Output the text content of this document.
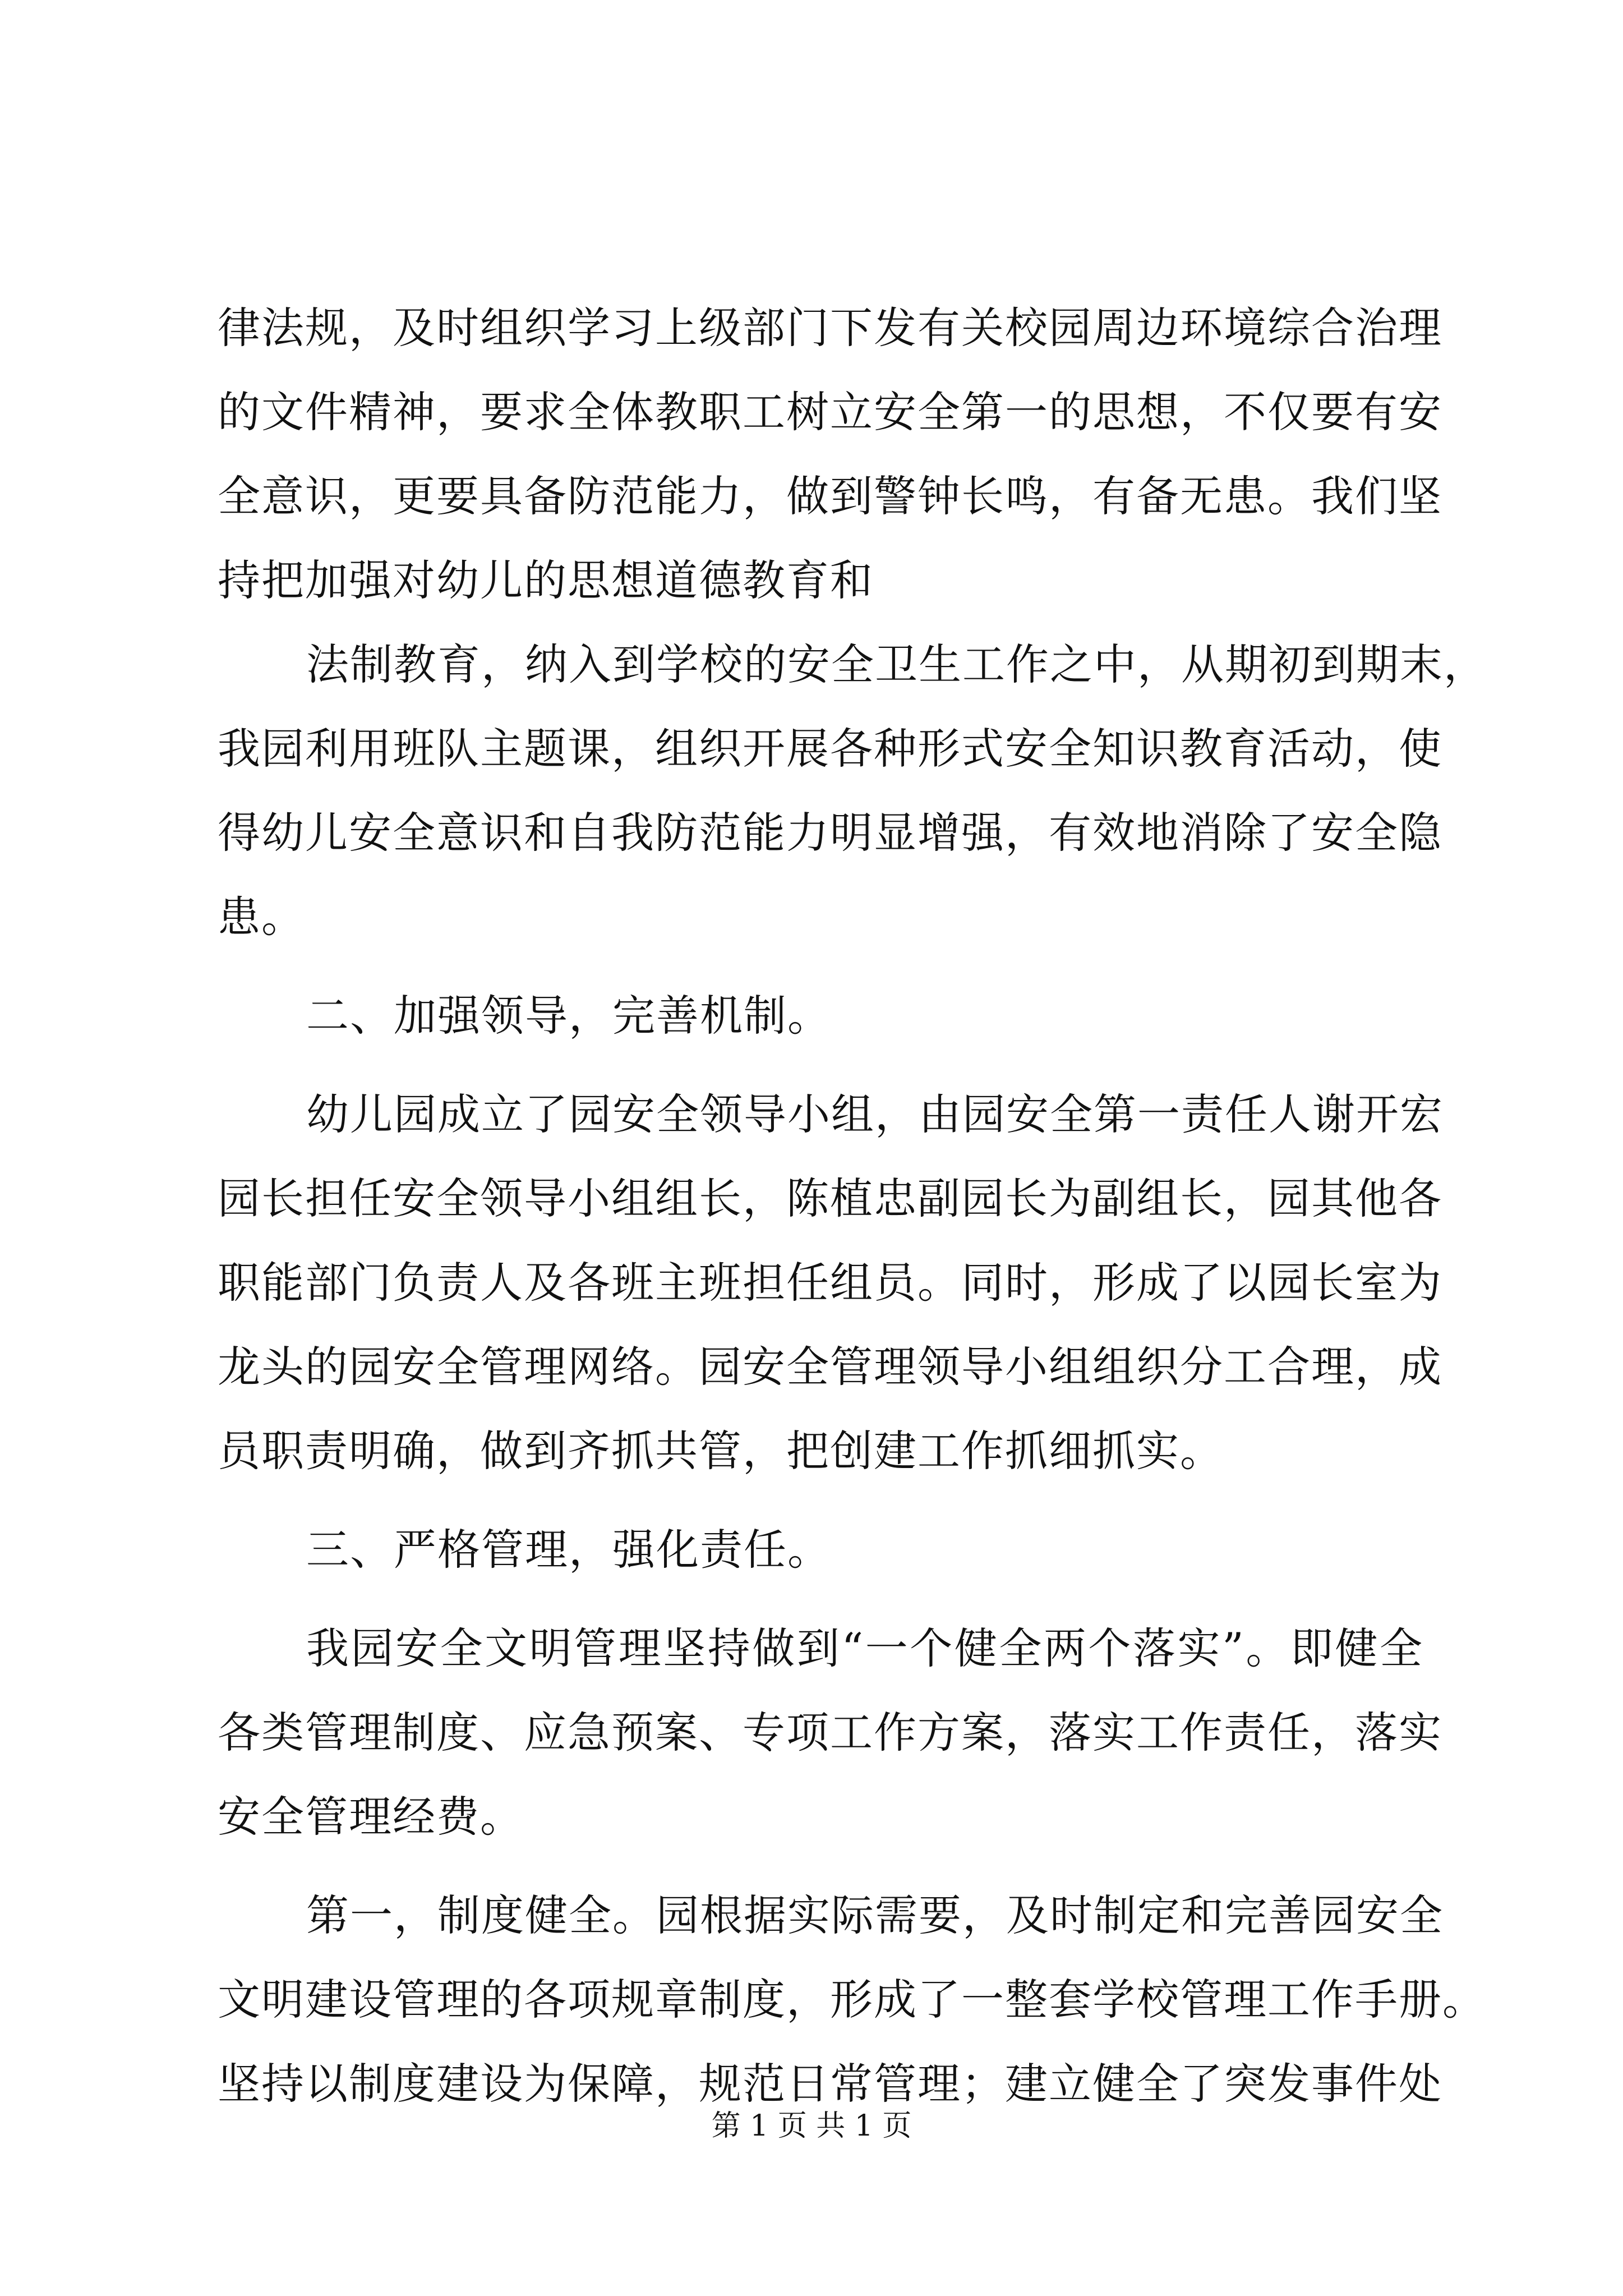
律法规，及时组织学习上级部门下发有关校园周边环境综合治理
的文件精神，要求全体教职工树立安全第一的思想，不仅要有安
全意识，更要具备防范能力，做到警钟长鸣，有备无患。我们坚
持把加强对幼儿的思想道德教育和
法制教育，纳入到学校的安全卫生工作之中，从期初到期末，
我园利用班队主题课，组织开展各种形式安全知识教育活动，使
得幼儿安全意识和自我防范能力明显增强，有效地消除了安全隐
患。
二、加强领导，完善机制。
幼儿园成立了园安全领导小组，由园安全第一责任人谢开宏
园长担任安全领导小组组长，陈植忠副园长为副组长，园其他各
职能部门负责人及各班主班担任组员。同时，形成了以园长室为
龙头的园安全管理网络。园安全管理领导小组组织分工合理，成
员职责明确，做到齐抓共管，把创建工作抓细抓实。
三、严格管理，强化责任。
我园安全文明管理坚持做到“一个健全两个落实”。即健全
各类管理制度、应急预案、专项工作方案，落实工作责任，落实
安全管理经费。
第一，制度健全。园根据实际需要，及时制定和完善园安全
文明建设管理的各项规章制度，形成了一整套学校管理工作手册。
坚持以制度建设为保障，规范日常管理；建立健全了突发事件处
第 1 页 共 1 页
